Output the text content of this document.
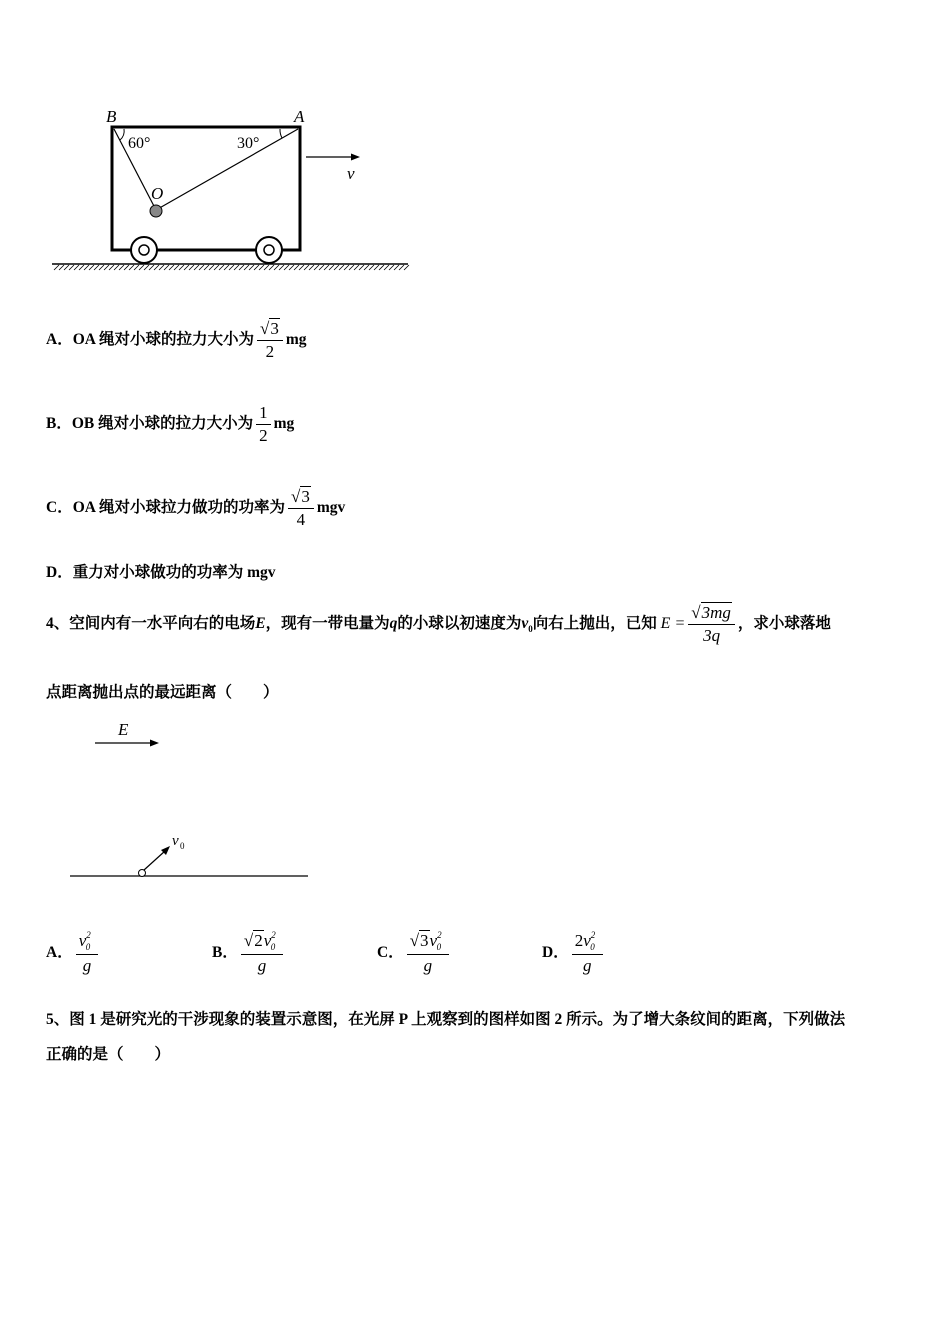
B	A
O
v
60°	30°
A．OA 绳对小球的拉力大小为 $\frac{√3}{2}$ mg
B．OB 绳对小球的拉力大小为 $\frac{1}{2}$ mg
C．OA 绳对小球拉力做功的功率为 $\frac{√3}{4}$ mgv
D．重力对小球做功的功率为 mgv
4、空间内有一水平向右的电场E，现有一带电量为q的小球以初速度为$v_0$向右上抛出，已知 $E = \frac{√3mg}{3q}$ ，求小球落地
点距离抛出点的最远距离（　　）
E
v 0
A． $\frac{v20}{g}$	B． $\frac{√2v20}{g}$	C． $\frac{√3v20}{g}$	D． $\frac{2v20}{g}$
5、图 1 是研究光的干涉现象的装置示意图，在光屏 P 上观察到的图样如图 2 所示。为了增大条纹间的距离，下列做法
正确的是（　　）
